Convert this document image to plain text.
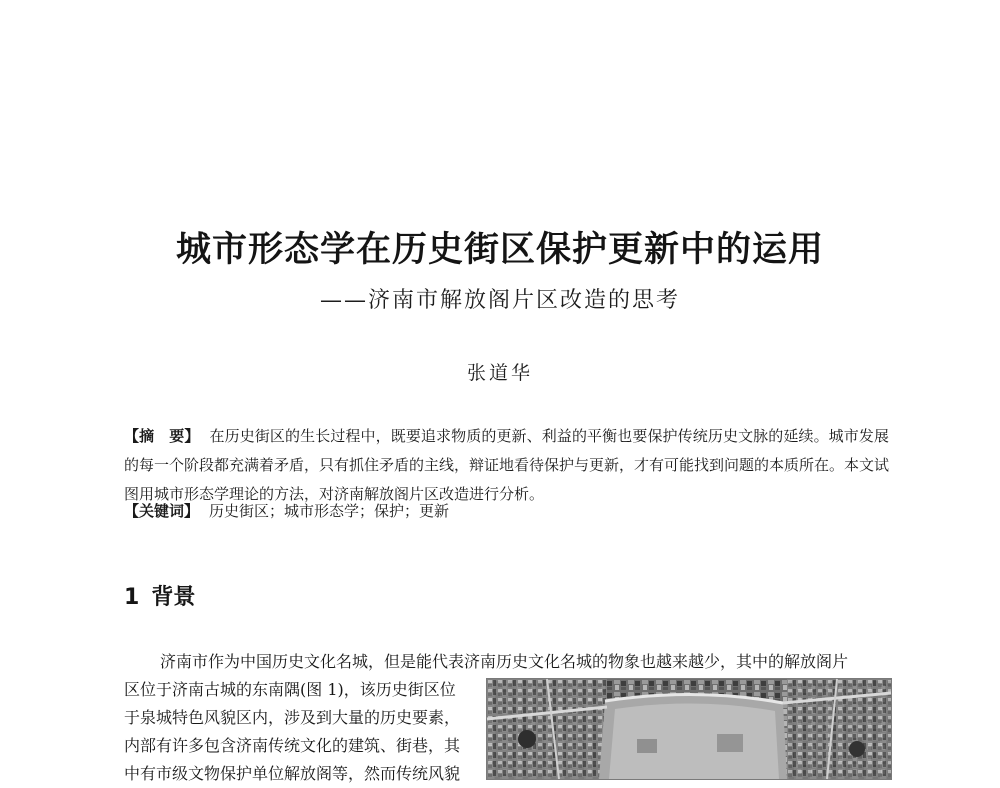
城市形态学在历史街区保护更新中的运用
——济南市解放阁片区改造的思考
张道华
【摘　要】 在历史街区的生长过程中，既要追求物质的更新、利益的平衡也要保护传统历史文脉的延续。城市发展的每一个阶段都充满着矛盾，只有抓住矛盾的主线，辩证地看待保护与更新，才有可能找到问题的本质所在。本文试图用城市形态学理论的方法，对济南解放阁片区改造进行分析。
【关键词】 历史街区；城市形态学；保护；更新
1 背景
济南市作为中国历史文化名城，但是能代表济南历史文化名城的物象也越来越少，其中的解放阁片
区位于济南古城的东南隅(图 1)，该历史街区位
于泉城特色风貌区内，涉及到大量的历史要素，
内部有许多包含济南传统文化的建筑、街巷，其
中有市级文物保护单位解放阁等，然而传统风貌
